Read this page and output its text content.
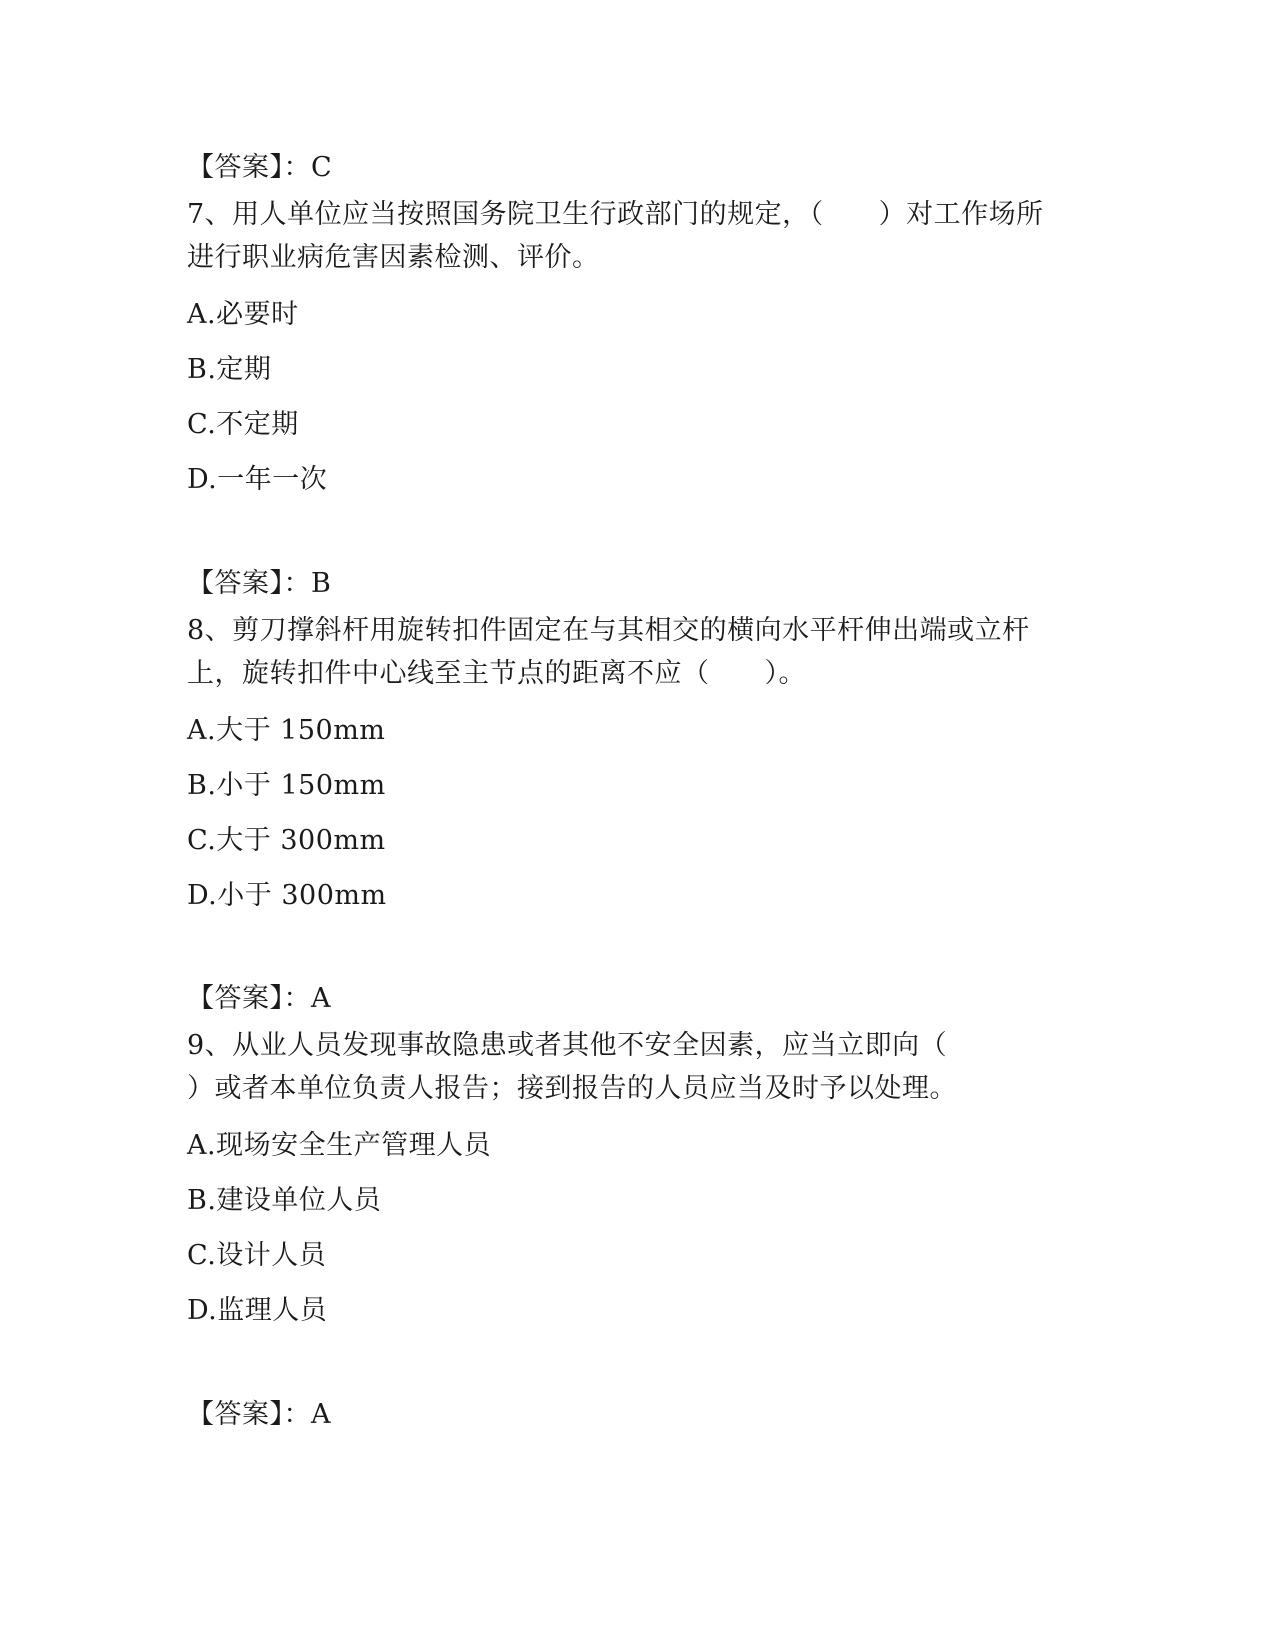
【答案】：C
7、用人单位应当按照国务院卫生行政部门的规定，（　　）对工作场所
进行职业病危害因素检测、评价。
A.必要时
B.定期
C.不定期
D.一年一次
【答案】：B
8、剪刀撑斜杆用旋转扣件固定在与其相交的横向水平杆伸出端或立杆
上，旋转扣件中心线至主节点的距离不应（　　）。
A.大于 150mm
B.小于 150mm
C.大于 300mm
D.小于 300mm
【答案】：A
9、从业人员发现事故隐患或者其他不安全因素，应当立即向（
）或者本单位负责人报告；接到报告的人员应当及时予以处理。
A.现场安全生产管理人员
B.建设单位人员
C.设计人员
D.监理人员
【答案】：A
